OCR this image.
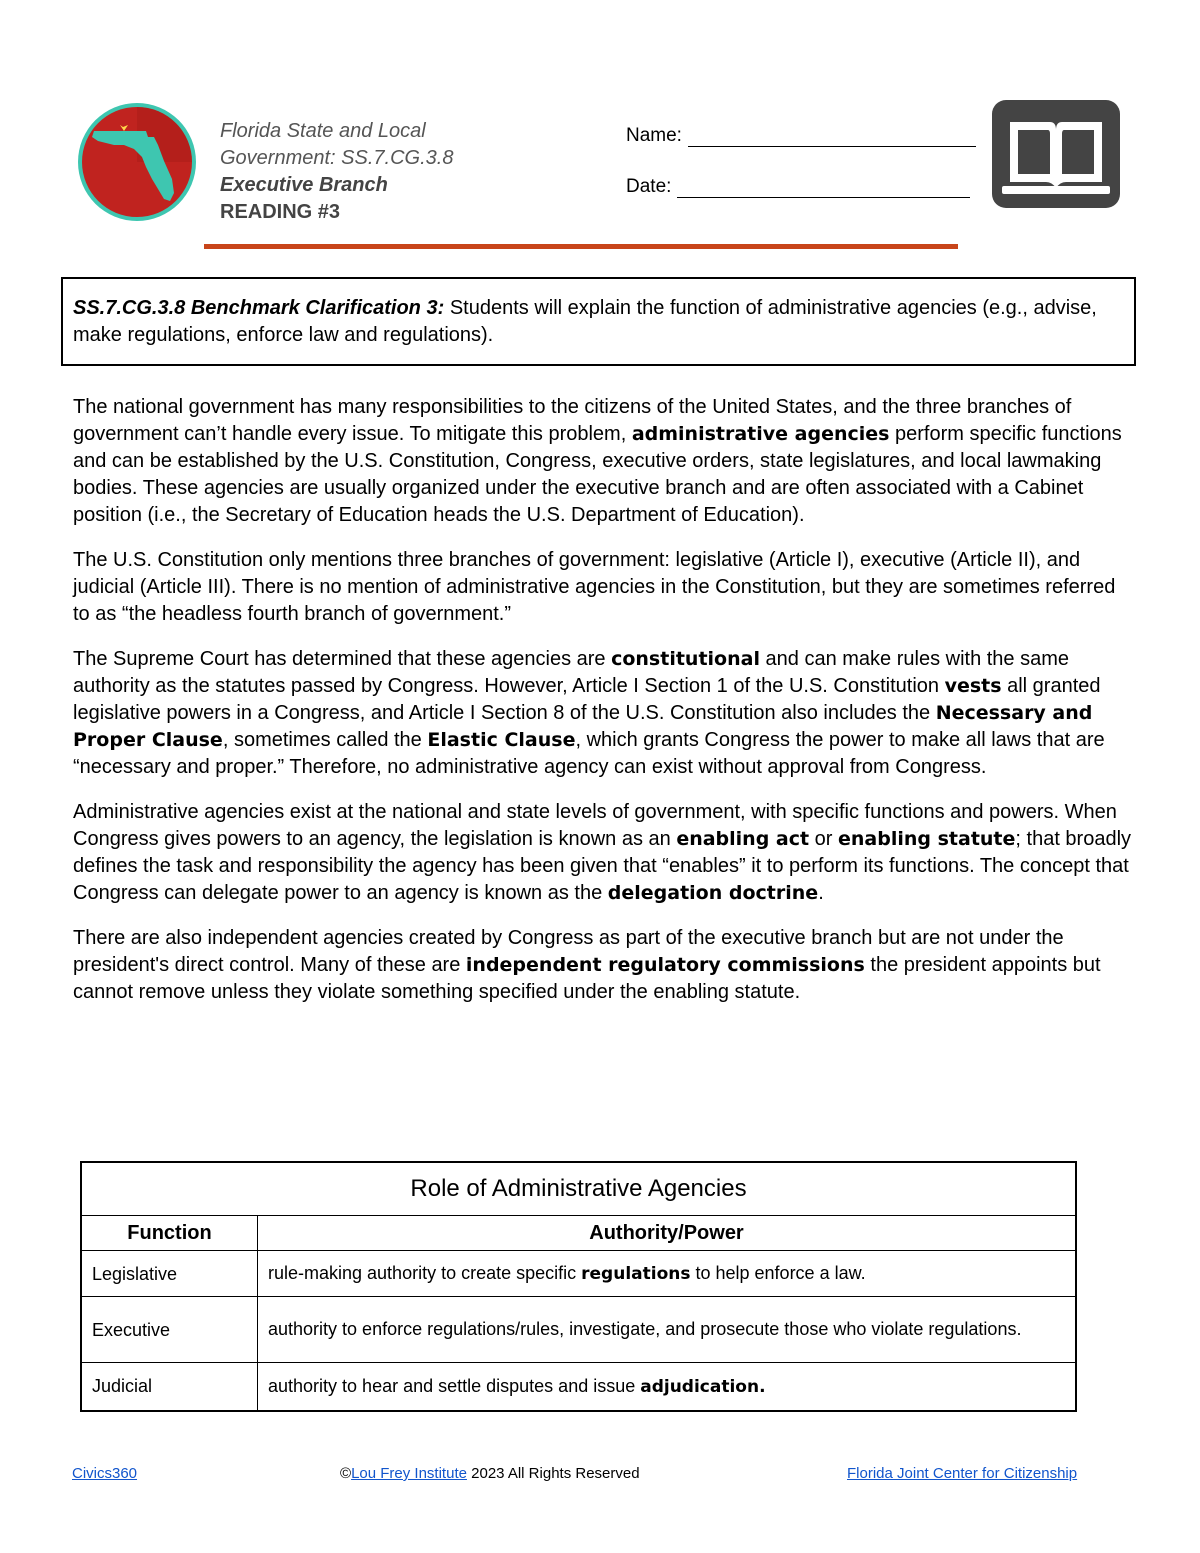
Florida State and Local
Government: SS.7.CG.3.8
Executive Branch
READING #3
Name:
Date:
SS.7.CG.3.8 Benchmark Clarification 3: Students will explain the function of administrative agencies (e.g., advise, make regulations, enforce law and regulations).

The national government has many responsibilities to the citizens of the United States, and the three branches of government can’t handle every issue. To mitigate this problem, administrative agencies perform specific functions and can be established by the U.S. Constitution, Congress, executive orders, state legislatures, and local lawmaking bodies. These agencies are usually organized under the executive branch and are often associated with a Cabinet position (i.e., the Secretary of Education heads the U.S. Department of Education).

The U.S. Constitution only mentions three branches of government: legislative (Article I), executive (Article II), and judicial (Article III). There is no mention of administrative agencies in the Constitution, but they are sometimes referred to as “the headless fourth branch of government.”

The Supreme Court has determined that these agencies are constitutional and can make rules with the same authority as the statutes passed by Congress. However, Article I Section 1 of the U.S. Constitution vests all granted legislative powers in a Congress, and Article I Section 8 of the U.S. Constitution also includes the Necessary and Proper Clause, sometimes called the Elastic Clause, which grants Congress the power to make all laws that are “necessary and proper.” Therefore, no administrative agency can exist without approval from Congress.

Administrative agencies exist at the national and state levels of government, with specific functions and powers. When Congress gives powers to an agency, the legislation is known as an enabling act or enabling statute; that broadly defines the task and responsibility the agency has been given that “enables” it to perform its functions. The concept that Congress can delegate power to an agency is known as the delegation doctrine.

There are also independent agencies created by Congress as part of the executive branch but are not under the president's direct control. Many of these are independent regulatory commissions the president appoints but cannot remove unless they violate something specified under the enabling statute.

Role of Administrative Agencies	
Function	Authority/Power
Legislative	rule-making authority to create specific regulations to help enforce a law.
Executive	authority to enforce regulations/rules, investigate, and prosecute those who violate regulations.
Judicial	authority to hear and settle disputes and issue adjudication.
Civics360	©Lou Frey Institute 2023 All Rights Reserved	Florida Joint Center for Citizenship
